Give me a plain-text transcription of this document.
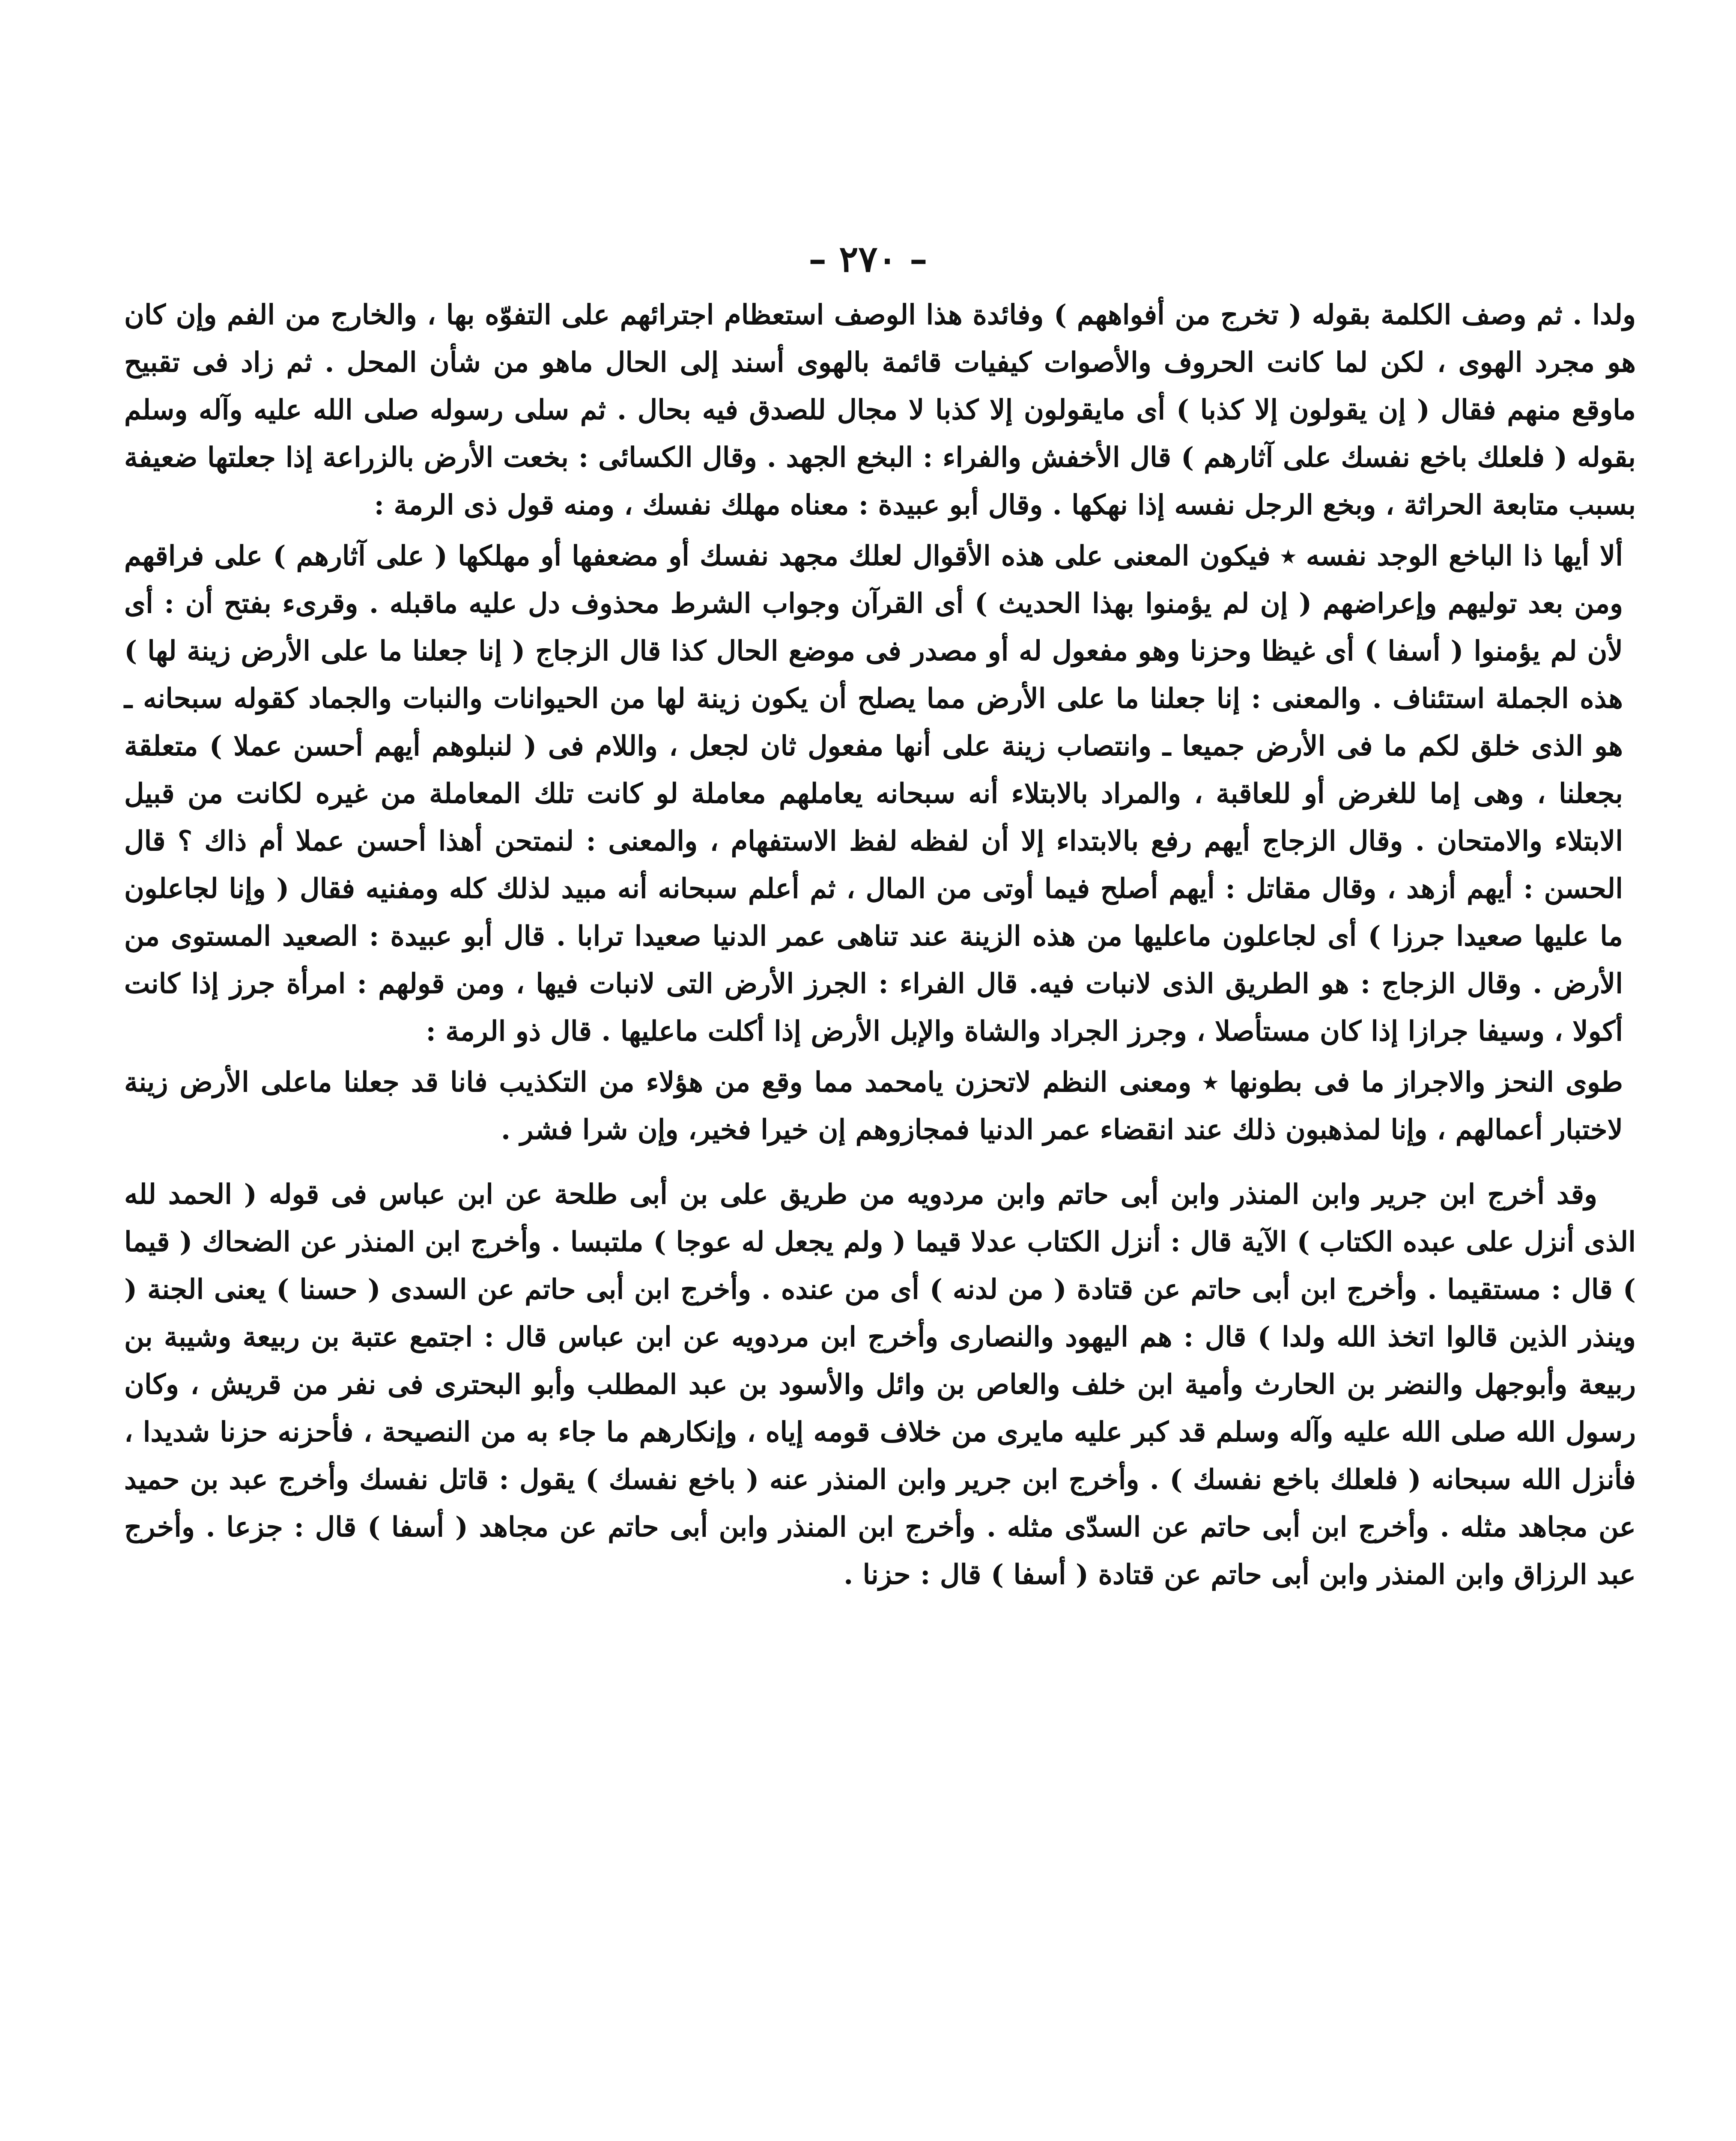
– ٢٧٠ –

ولدا . ثم وصف الكلمة بقوله ( تخرج من أفواههم ) وفائدة هذا الوصف استعظام اجترائهم على التفوّه بها ، والخارج من الفم وإن كان هو مجرد الهوى ، لكن لما كانت الحروف والأصوات كيفيات قائمة بالهوى أسند إلى الحال ماهو من شأن المحل . ثم زاد فى تقبيح ماوقع منهم فقال ( إن يقولون إلا كذبا ) أى مايقولون إلا كذبا لا مجال للصدق فيه بحال . ثم سلى رسوله صلى الله عليه وآله وسلم بقوله ( فلعلك باخع نفسك على آثارهم ) قال الأخفش والفراء : البخع الجهد . وقال الكسائى : بخعت الأرض بالزراعة إذا جعلتها ضعيفة بسبب متابعة الحراثة ، وبخع الرجل نفسه إذا نهكها . وقال أبو عبيدة : معناه مهلك نفسك ، ومنه قول ذى الرمة :

ألا أيها ذا الباخع الوجد نفسه ٭ فيكون المعنى على هذه الأقوال لعلك مجهد نفسك أو مضعفها أو مهلكها ( على آثارهم ) على فراقهم ومن بعد توليهم وإعراضهم ( إن لم يؤمنوا بهذا الحديث ) أى القرآن وجواب الشرط محذوف دل عليه ماقبله . وقرىء بفتح أن : أى لأن لم يؤمنوا ( أسفا ) أى غيظا وحزنا وهو مفعول له أو مصدر فى موضع الحال كذا قال الزجاج ( إنا جعلنا ما على الأرض زينة لها ) هذه الجملة استئناف . والمعنى : إنا جعلنا ما على الأرض مما يصلح أن يكون زينة لها من الحيوانات والنبات والجماد كقوله سبحانه ـ هو الذى خلق لكم ما فى الأرض جميعا ـ وانتصاب زينة على أنها مفعول ثان لجعل ، واللام فى ( لنبلوهم أيهم أحسن عملا ) متعلقة بجعلنا ، وهى إما للغرض أو للعاقبة ، والمراد بالابتلاء أنه سبحانه يعاملهم معاملة لو كانت تلك المعاملة من غيره لكانت من قبيل الابتلاء والامتحان . وقال الزجاج أيهم رفع بالابتداء إلا أن لفظه لفظ الاستفهام ، والمعنى : لنمتحن أهذا أحسن عملا أم ذاك ؟ قال الحسن : أيهم أزهد ، وقال مقاتل : أيهم أصلح فيما أوتى من المال ، ثم أعلم سبحانه أنه مبيد لذلك كله ومفنيه فقال ( وإنا لجاعلون ما عليها صعيدا جرزا ) أى لجاعلون ماعليها من هذه الزينة عند تناهى عمر الدنيا صعيدا ترابا . قال أبو عبيدة : الصعيد المستوى من الأرض . وقال الزجاج : هو الطريق الذى لانبات فيه. قال الفراء : الجرز الأرض التى لانبات فيها ، ومن قولهم : امرأة جرز إذا كانت أكولا ، وسيفا جرازا إذا كان مستأصلا ، وجرز الجراد والشاة والإبل الأرض إذا أكلت ماعليها . قال ذو الرمة :

طوى النحز والاجراز ما فى بطونها ٭ ومعنى النظم لاتحزن يامحمد مما وقع من هؤلاء من التكذيب فانا قد جعلنا ماعلى الأرض زينة لاختبار أعمالهم ، وإنا لمذهبون ذلك عند انقضاء عمر الدنيا فمجازوهم إن خيرا فخير، وإن شرا فشر .

وقد أخرج ابن جرير وابن المنذر وابن أبى حاتم وابن مردويه من طريق على بن أبى طلحة عن ابن عباس فى قوله ( الحمد لله الذى أنزل على عبده الكتاب ) الآية قال : أنزل الكتاب عدلا قيما ( ولم يجعل له عوجا ) ملتبسا . وأخرج ابن المنذر عن الضحاك ( قيما ) قال : مستقيما . وأخرج ابن أبى حاتم عن قتادة ( من لدنه ) أى من عنده . وأخرج ابن أبى حاتم عن السدى ( حسنا ) يعنى الجنة ( وينذر الذين قالوا اتخذ الله ولدا ) قال : هم اليهود والنصارى وأخرج ابن مردويه عن ابن عباس قال : اجتمع عتبة بن ربيعة وشيبة بن ربيعة وأبوجهل والنضر بن الحارث وأمية ابن خلف والعاص بن وائل والأسود بن عبد المطلب وأبو البحترى فى نفر من قريش ، وكان رسول الله صلى الله عليه وآله وسلم قد كبر عليه مايرى من خلاف قومه إياه ، وإنكارهم ما جاء به من النصيحة ، فأحزنه حزنا شديدا ، فأنزل الله سبحانه ( فلعلك باخع نفسك ) . وأخرج ابن جرير وابن المنذر عنه ( باخع نفسك ) يقول : قاتل نفسك وأخرج عبد بن حميد عن مجاهد مثله . وأخرج ابن أبى حاتم عن السدّى مثله . وأخرج ابن المنذر وابن أبى حاتم عن مجاهد ( أسفا ) قال : جزعا . وأخرج عبد الرزاق وابن المنذر وابن أبى حاتم عن قتادة ( أسفا ) قال : حزنا .
